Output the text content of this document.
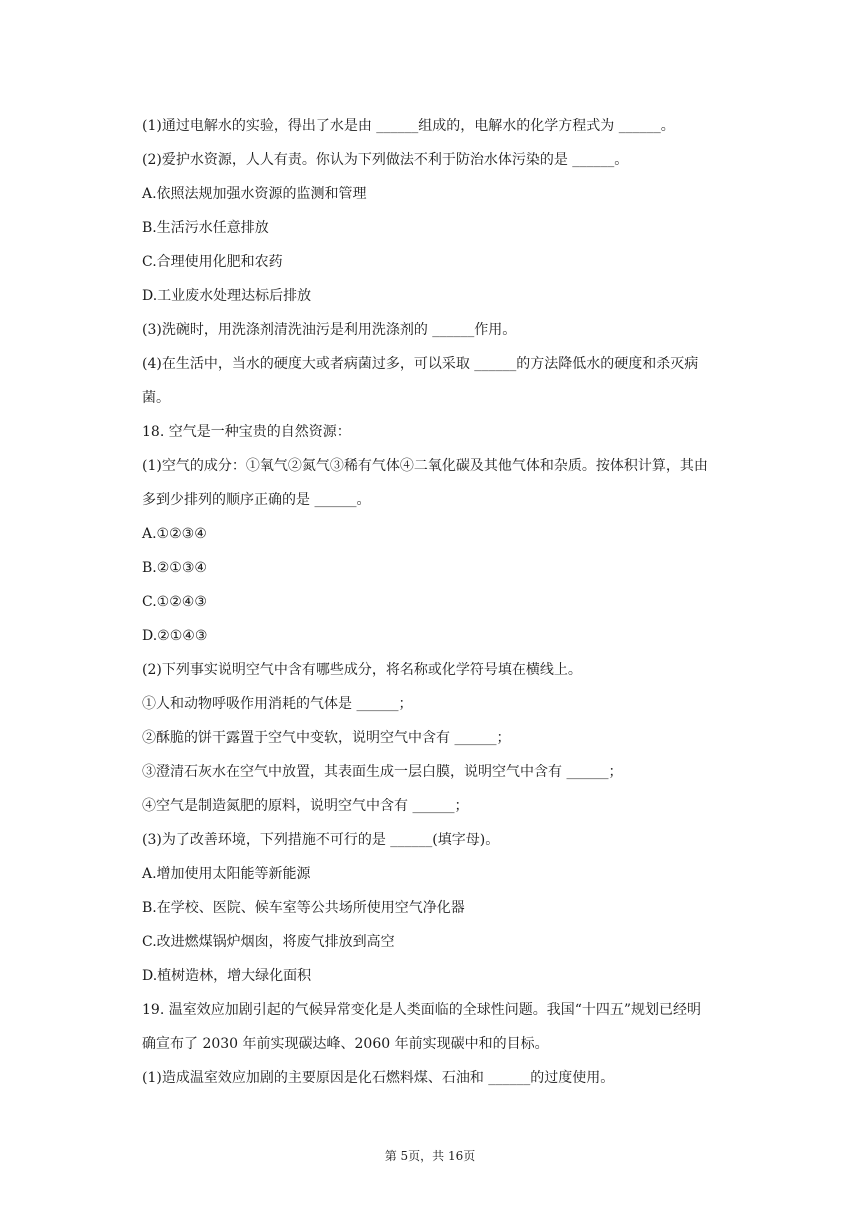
(1)通过电解水的实验，得出了水是由 ______组成的，电解水的化学方程式为 ______。
(2)爱护水资源，人人有责。你认为下列做法不利于防治水体污染的是 ______。
A.依照法规加强水资源的监测和管理
B.生活污水任意排放
C.合理使用化肥和农药
D.工业废水处理达标后排放
(3)洗碗时，用洗涤剂清洗油污是利用洗涤剂的 ______作用。
(4)在生活中，当水的硬度大或者病菌过多，可以采取 ______的方法降低水的硬度和杀灭病
菌。
18. 空气是一种宝贵的自然资源：
(1)空气的成分：①氧气②氮气③稀有气体④二氧化碳及其他气体和杂质。按体积计算，其由
多到少排列的顺序正确的是 ______。
A.①②③④
B.②①③④
C.①②④③
D.②①④③
(2)下列事实说明空气中含有哪些成分，将名称或化学符号填在横线上。
①人和动物呼吸作用消耗的气体是 ______；
②酥脆的饼干露置于空气中变软，说明空气中含有 ______；
③澄清石灰水在空气中放置，其表面生成一层白膜，说明空气中含有 ______；
④空气是制造氮肥的原料，说明空气中含有 ______；
(3)为了改善环境，下列措施不可行的是 ______(填字母)。
A.增加使用太阳能等新能源
B.在学校、医院、候车室等公共场所使用空气净化器
C.改进燃煤锅炉烟囱，将废气排放到高空
D.植树造林，增大绿化面积
19. 温室效应加剧引起的气候异常变化是人类面临的全球性问题。我国“十四五”规划已经明
确宣布了 2030 年前实现碳达峰、2060 年前实现碳中和的目标。
(1)造成温室效应加剧的主要原因是化石燃料煤、石油和 ______的过度使用。
第 5页，共 16页
